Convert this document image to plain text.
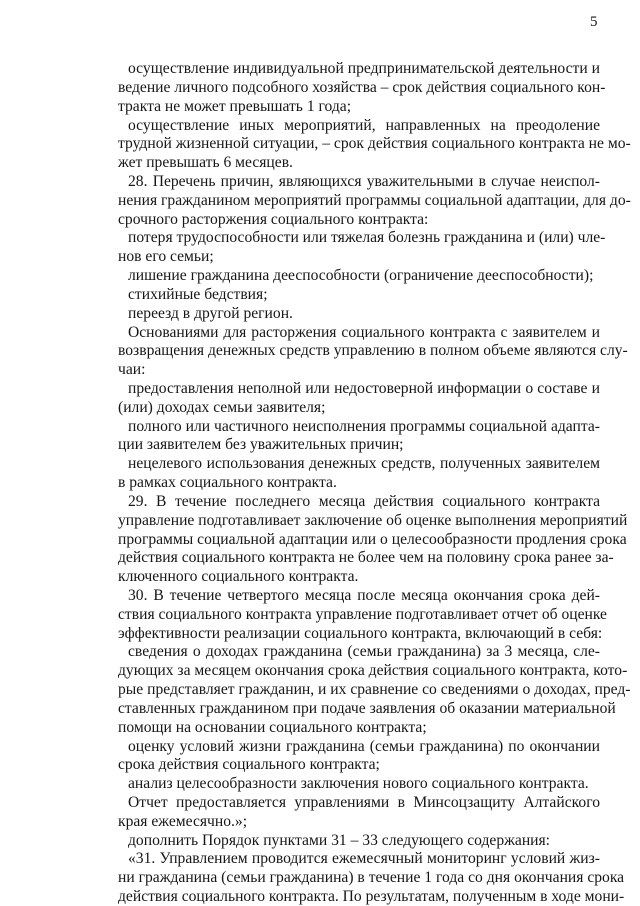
5
осуществление индивидуальной предпринимательской деятельности и
ведение личного подсобного хозяйства – срок действия социального кон-
тракта не может превышать 1 года;
осуществление иных мероприятий, направленных на преодоление
трудной жизненной ситуации, – срок действия социального контракта не мо-
жет превышать 6 месяцев.
28. Перечень причин, являющихся уважительными в случае неиспол-
нения гражданином мероприятий программы социальной адаптации, для до-
срочного расторжения социального контракта:
потеря трудоспособности или тяжелая болезнь гражданина и (или) чле-
нов его семьи;
лишение гражданина дееспособности (ограничение дееспособности);
стихийные бедствия;
переезд в другой регион.
Основаниями для расторжения социального контракта с заявителем и
возвращения денежных средств управлению в полном объеме являются слу-
чаи:
предоставления неполной или недостоверной информации о составе и
(или) доходах семьи заявителя;
полного или частичного неисполнения программы социальной адапта-
ции заявителем без уважительных причин;
нецелевого использования денежных средств, полученных заявителем
в рамках социального контракта.
29. В течение последнего месяца действия социального контракта
управление подготавливает заключение об оценке выполнения мероприятий
программы социальной адаптации или о целесообразности продления срока
действия социального контракта не более чем на половину срока ранее за-
ключенного социального контракта.
30. В течение четвертого месяца после месяца окончания срока дей-
ствия социального контракта управление подготавливает отчет об оценке
эффективности реализации социального контракта, включающий в себя:
сведения о доходах гражданина (семьи гражданина) за 3 месяца, сле-
дующих за месяцем окончания срока действия социального контракта, кото-
рые представляет гражданин, и их сравнение со сведениями о доходах, пред-
ставленных гражданином при подаче заявления об оказании материальной
помощи на основании социального контракта;
оценку условий жизни гражданина (семьи гражданина) по окончании
срока действия социального контракта;
анализ целесообразности заключения нового социального контракта.
Отчет предоставляется управлениями в Минсоцзащиту Алтайского
края ежемесячно.»;
дополнить Порядок пунктами 31 – 33 следующего содержания:
«31. Управлением проводится ежемесячный мониторинг условий жиз-
ни гражданина (семьи гражданина) в течение 1 года со дня окончания срока
действия социального контракта. По результатам, полученным в ходе мони-
